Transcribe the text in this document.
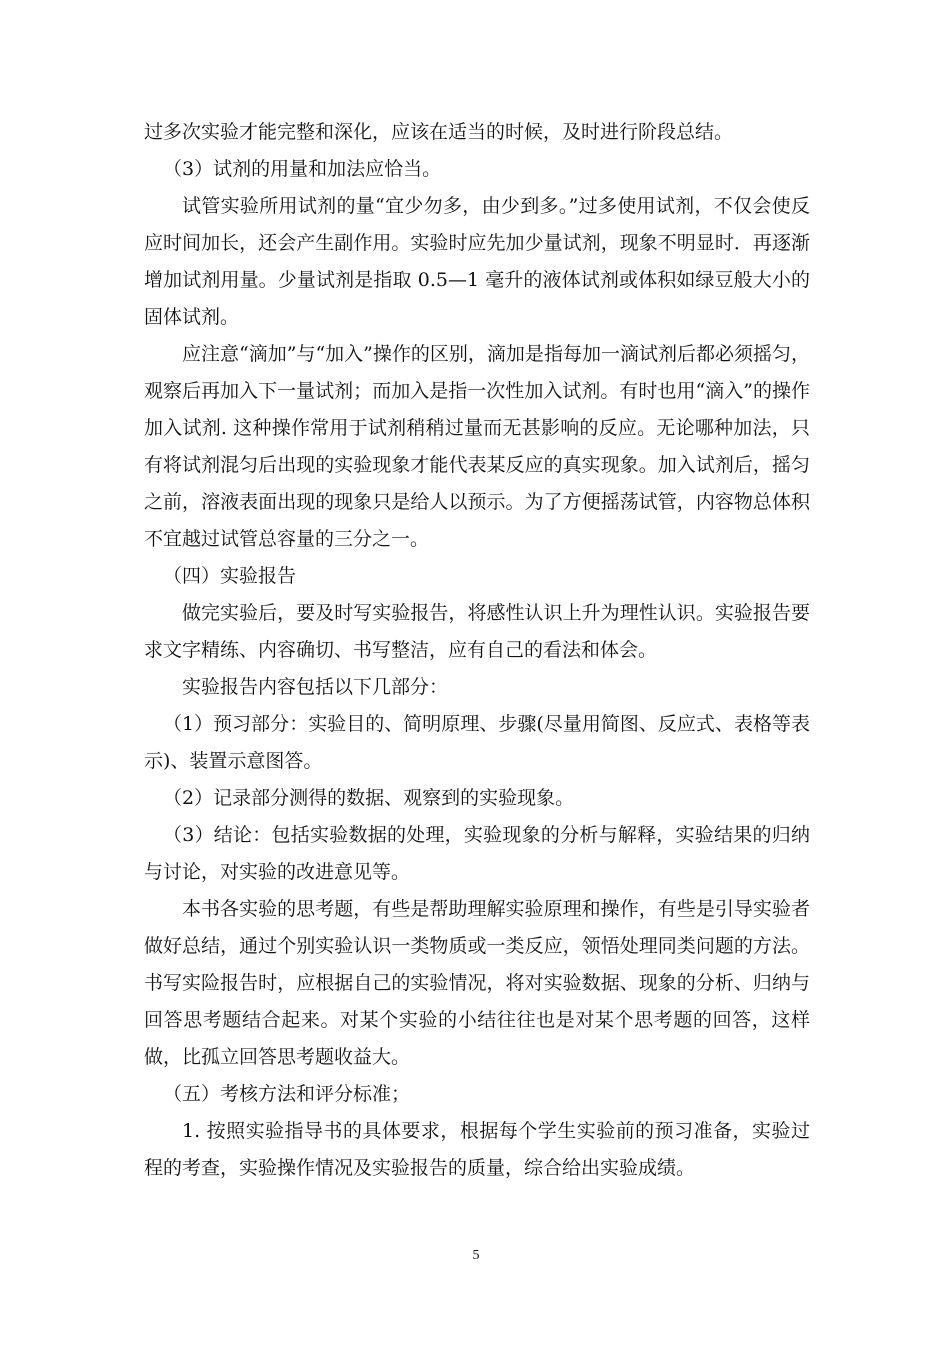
过多次实验才能完整和深化，应该在适当的时候，及时进行阶段总结。

（3）试剂的用量和加法应恰当。

试管实验所用试剂的量“宜少勿多，由少到多。”过多使用试剂，不仅会使反应时间加长，还会产生副作用。实验时应先加少量试剂，现象不明显时．再逐渐增加试剂用量。少量试剂是指取 0.5—1 毫升的液体试剂或体积如绿豆般大小的固体试剂。

应注意“滴加”与“加入”操作的区别，滴加是指每加一滴试剂后都必须摇匀，观察后再加入下一量试剂；而加入是指一次性加入试剂。有时也用“滴入”的操作加入试剂. 这种操作常用于试剂稍稍过量而无甚影响的反应。无论哪种加法，只有将试剂混匀后出现的实验现象才能代表某反应的真实现象。加入试剂后，摇匀之前，溶液表面出现的现象只是给人以预示。为了方便摇荡试管，内容物总体积不宜越过试管总容量的三分之一。

（四）实验报告

做完实验后，要及时写实验报告，将感性认识上升为理性认识。实验报告要求文字精练、内容确切、书写整洁，应有自己的看法和体会。

实验报告内容包括以下几部分：

（1）预习部分：实验目的、简明原理、步骤(尽量用简图、反应式、表格等表示)、装置示意图答。

（2）记录部分测得的数据、观察到的实验现象。

（3）结论：包括实验数据的处理，实验现象的分析与解释，实验结果的归纳与讨论，对实验的改进意见等。

本书各实验的思考题，有些是帮助理解实验原理和操作，有些是引导实验者做好总结，通过个别实验认识一类物质或一类反应，领悟处理同类问题的方法。书写实险报告时，应根据自己的实验情况，将对实验数据、现象的分析、归纳与回答思考题结合起来。对某个实验的小结往往也是对某个思考题的回答，这样做，比孤立回答思考题收益大。

（五）考核方法和评分标准；

1. 按照实验指导书的具体要求，根据每个学生实验前的预习准备，实验过程的考查，实验操作情况及实验报告的质量，综合给出实验成绩。

5
